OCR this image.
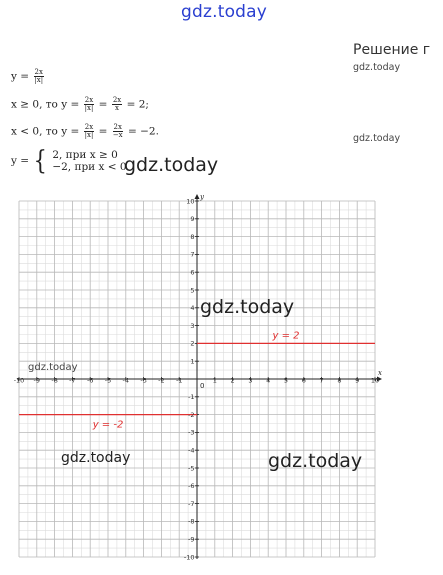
gdz.today
Решение г
gdz.today
gdz.today
$y = \frac{2x}{|x|}$
x ≥ 0, то $y = \frac{2x}{|x|} = \frac{2x}{x} = 2$;
x < 0, то $y = \frac{2x}{|x|} = \frac{2x}{-x} = -2$.
y = { 2, при x ≥ 0
−2, при x < 0
gdz.today
-10 -9 -8 -7 -6 -5 -4 -3 -2 -1	1 2 3 4 5 6 7 8 9 10
-10
-9
-8
-7
-6
-5
-4
-3
-2
-1
1
2
3
4
5
6
7
8
9
10
x
y
0
y = 2
y = -2
gdz.today
gdz.today
gdz.today	gdz.today
